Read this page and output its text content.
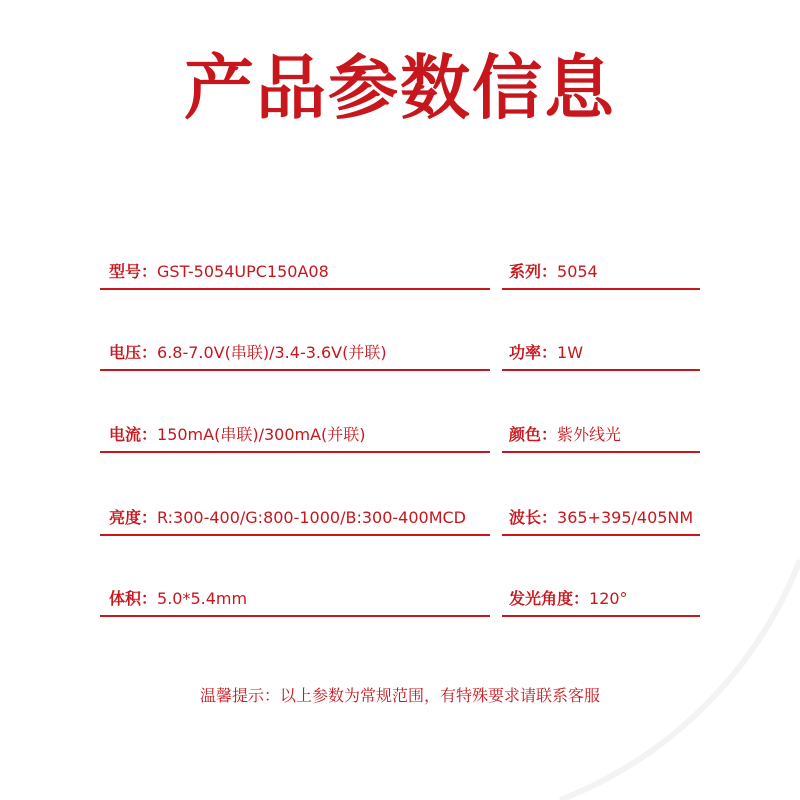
产品参数信息
型号：GST-5054UPC150A08	系列：5054
电压：6.8-7.0V(串联)/3.4-3.6V(并联)	功率：1W
电流：150mA(串联)/300mA(并联)	颜色：紫外线光
亮度：R:300-400/G:800-1000/B:300-400MCD	波长：365+395/405NM
体积：5.0*5.4mm	发光角度：120°
温馨提示：以上参数为常规范围，有特殊要求请联系客服
